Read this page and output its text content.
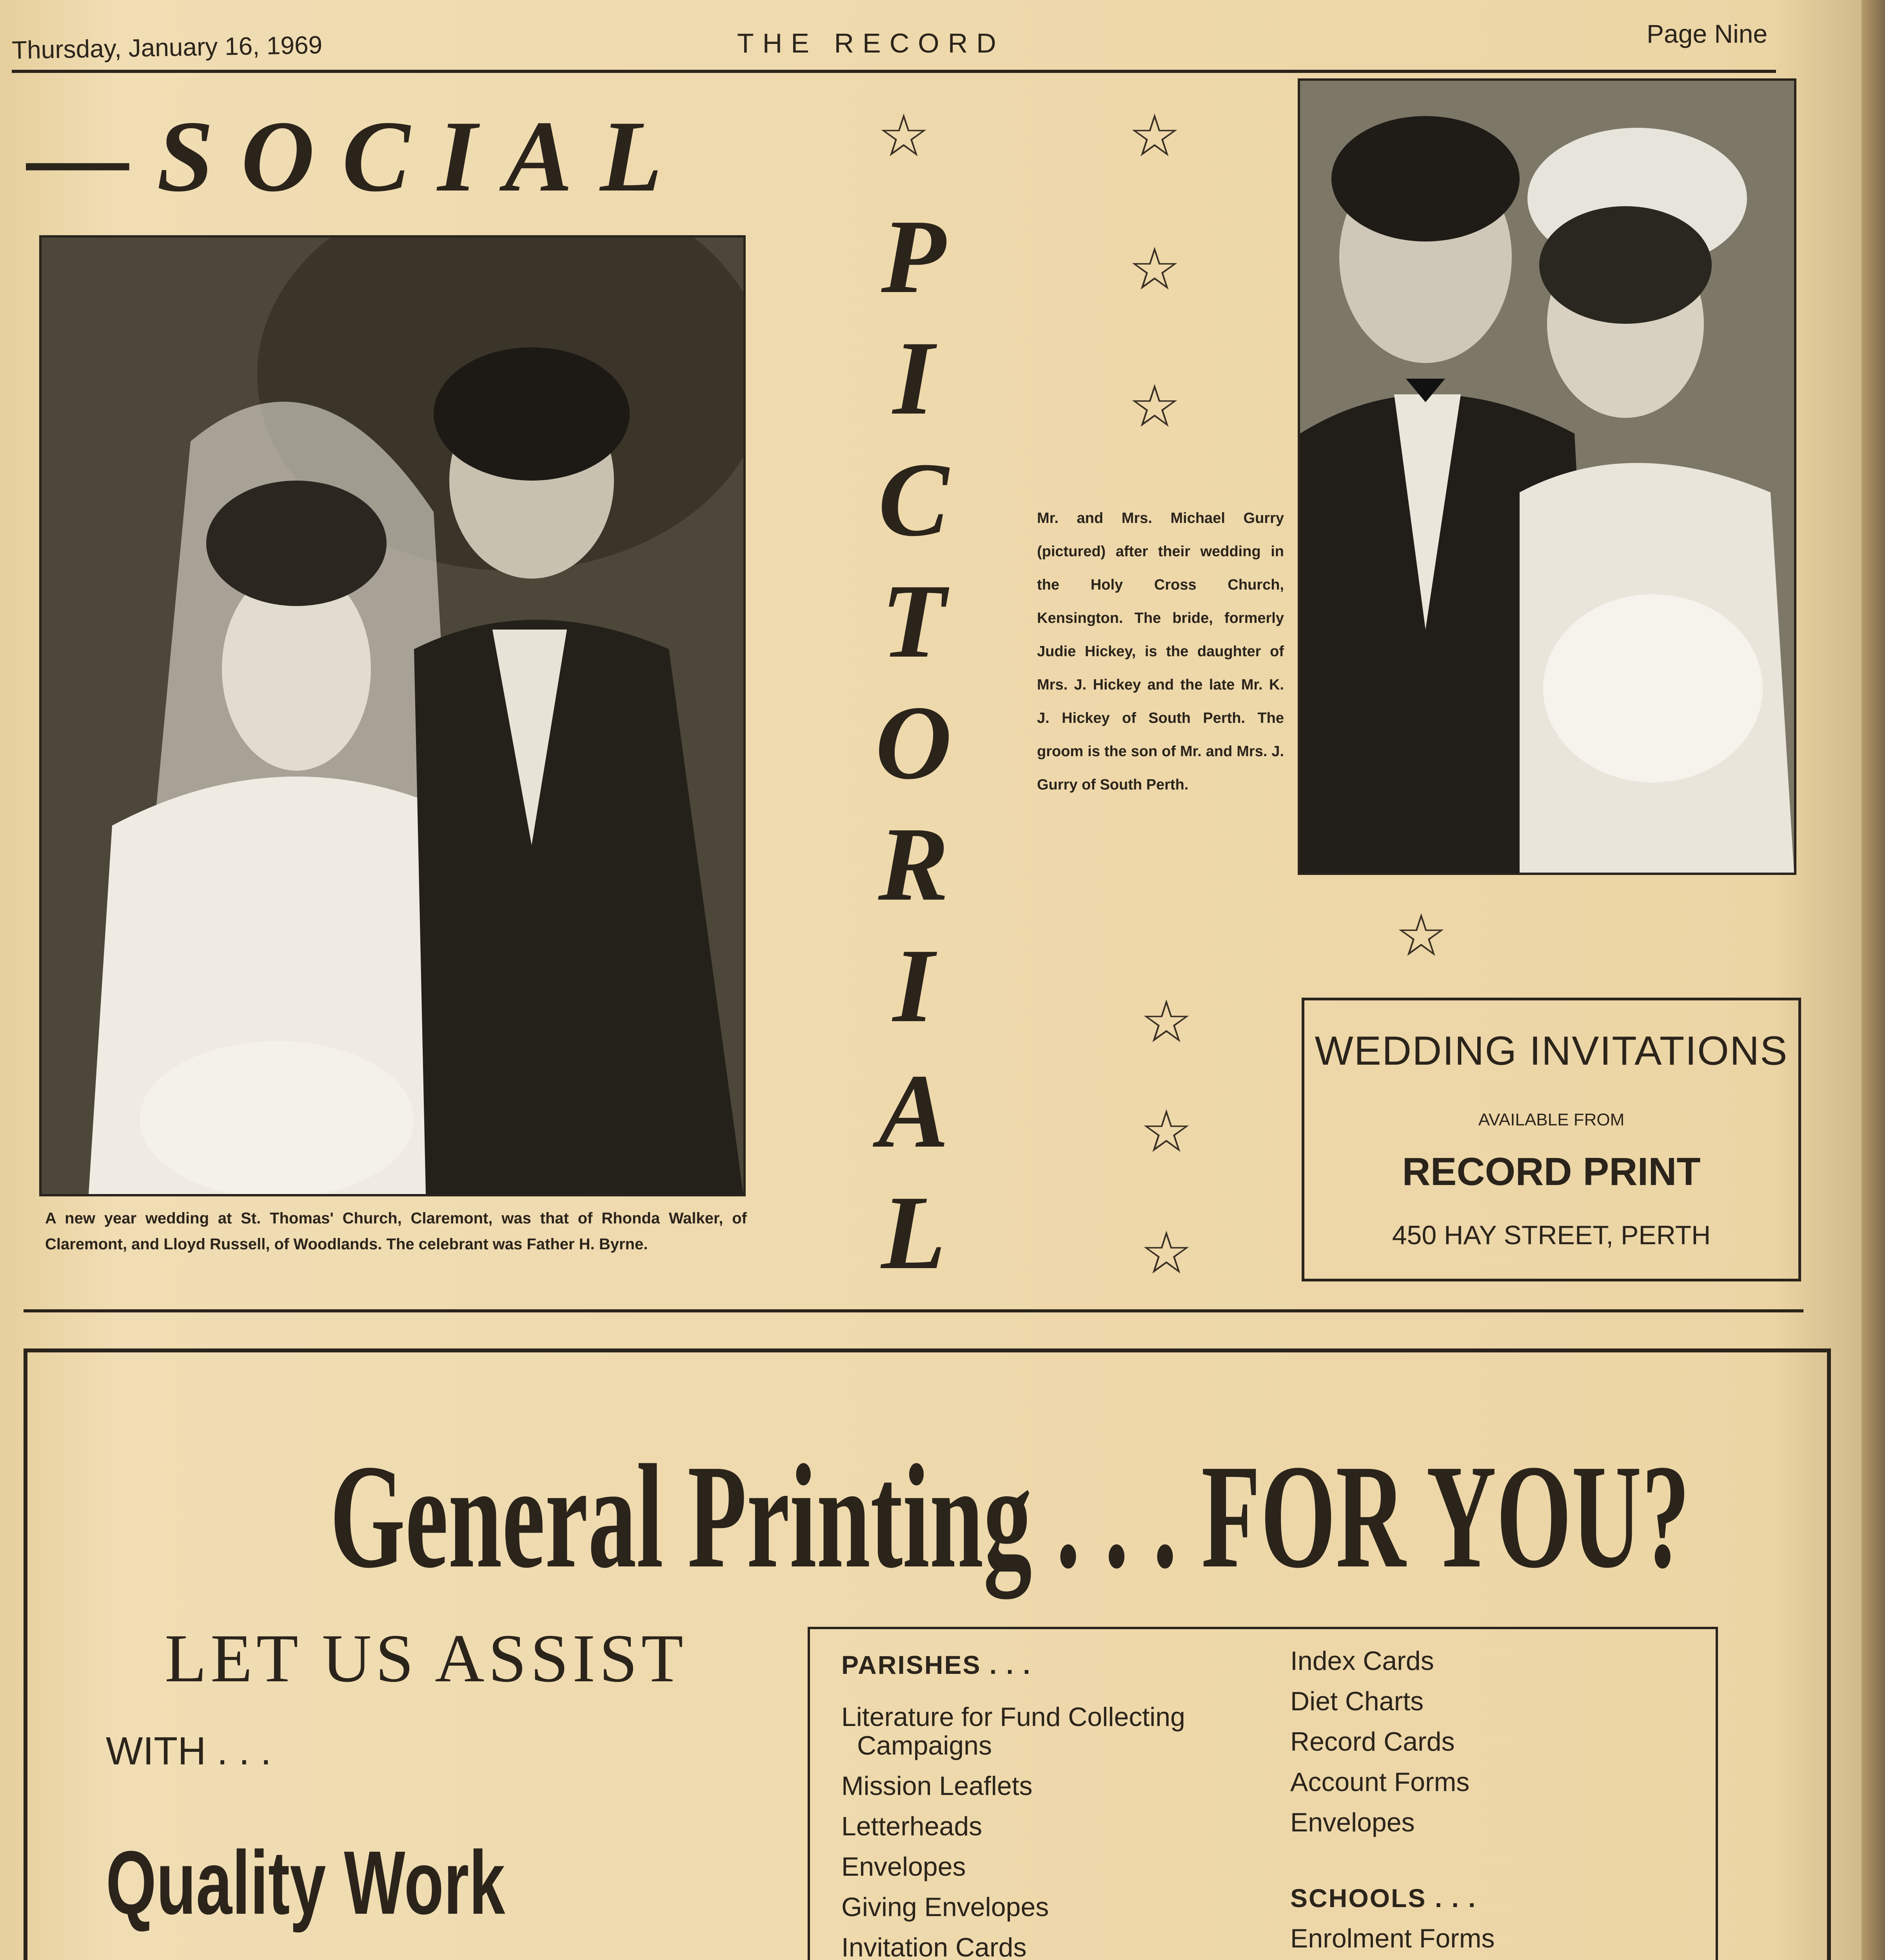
Thursday, January 16, 1969	THE RECORD	Page Nine
—SOCIAL
A new year wedding at St. Thomas' Church, Claremont, was that of Rhonda Walker, of Claremont, and Lloyd Russell, of Woodlands. The celebrant was Father H. Byrne.
P
I
C
T
O
R
I
A
L
☆	☆
☆
☆
☆
☆
☆
☆
Mr. and Mrs. Michael Gurry (pictured) after their wedding in the Holy Cross Church, Kensington. The bride, formerly Judie Hickey, is the daughter of Mrs. J. Hickey and the late Mr. K. J. Hickey of South Perth. The groom is the son of Mr. and Mrs. J. Gurry of South Perth.
WEDDING INVITATIONS
AVAILABLE FROM
RECORD PRINT
450 HAY STREET, PERTH
General Printing . . . FOR YOU?
LET US ASSIST
WITH . . .
Quality Work
PARISHES . . .
Literature for Fund Collecting
Campaigns
Mission Leaflets
Letterheads
Envelopes
Giving Envelopes
Invitation Cards
Index Cards
Diet Charts
Record Cards
Account Forms
Envelopes
SCHOOLS . . .
Enrolment Forms
